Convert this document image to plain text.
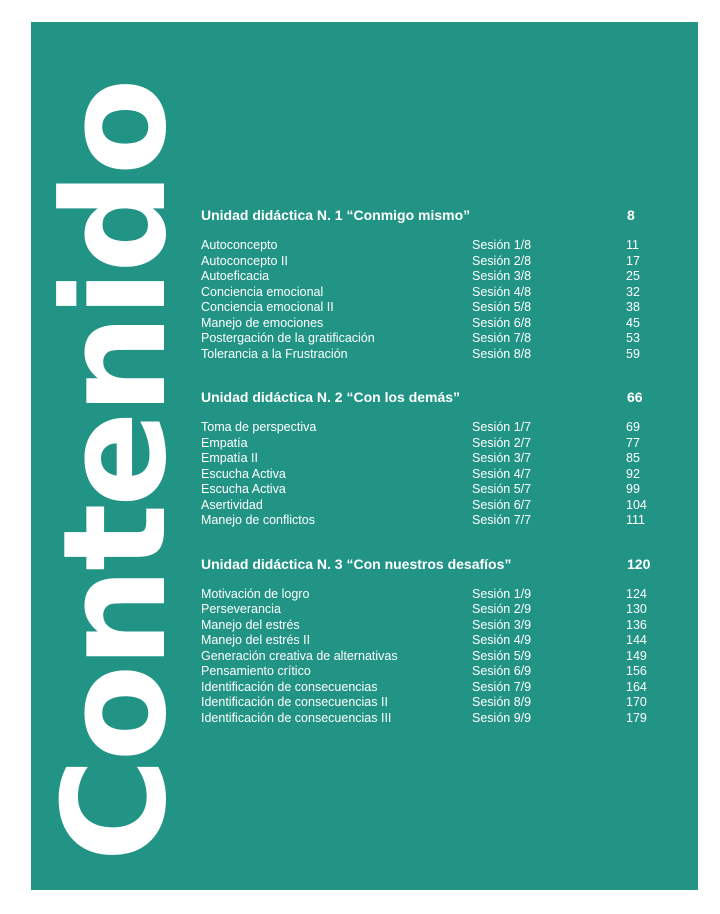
Contenido Unidad didáctica N. 1 “Conmigo mismo”	8
Autoconcepto	Sesión 1/8	11
Autoconcepto II	Sesión 2/8	17
Autoeficacia	Sesión 3/8	25
Conciencia emocional	Sesión 4/8	32
Conciencia emocional II	Sesión 5/8	38
Manejo de emociones	Sesión 6/8	45
Postergación de la gratificación	Sesión 7/8	53
Tolerancia a la Frustración	Sesión 8/8	59
Unidad didáctica N. 2 “Con los demás”	66
Toma de perspectiva	Sesión 1/7	69
Empatía	Sesión 2/7	77
Empatía II	Sesión 3/7	85
Escucha Activa	Sesión 4/7	92
Escucha Activa	Sesión 5/7	99
Asertividad	Sesión 6/7	104
Manejo de conflictos	Sesión 7/7	111
Unidad didáctica N. 3 “Con nuestros desafíos”	120
Motivación de logro	Sesión 1/9	124
Perseverancia	Sesión 2/9	130
Manejo del estrés	Sesión 3/9	136
Manejo del estrés II	Sesión 4/9	144
Generación creativa de alternativas	Sesión 5/9	149
Pensamiento crítico	Sesión 6/9	156
Identificación de consecuencias	Sesión 7/9	164
Identificación de consecuencias II	Sesión 8/9	170
Identificación de consecuencias III	Sesión 9/9	179
